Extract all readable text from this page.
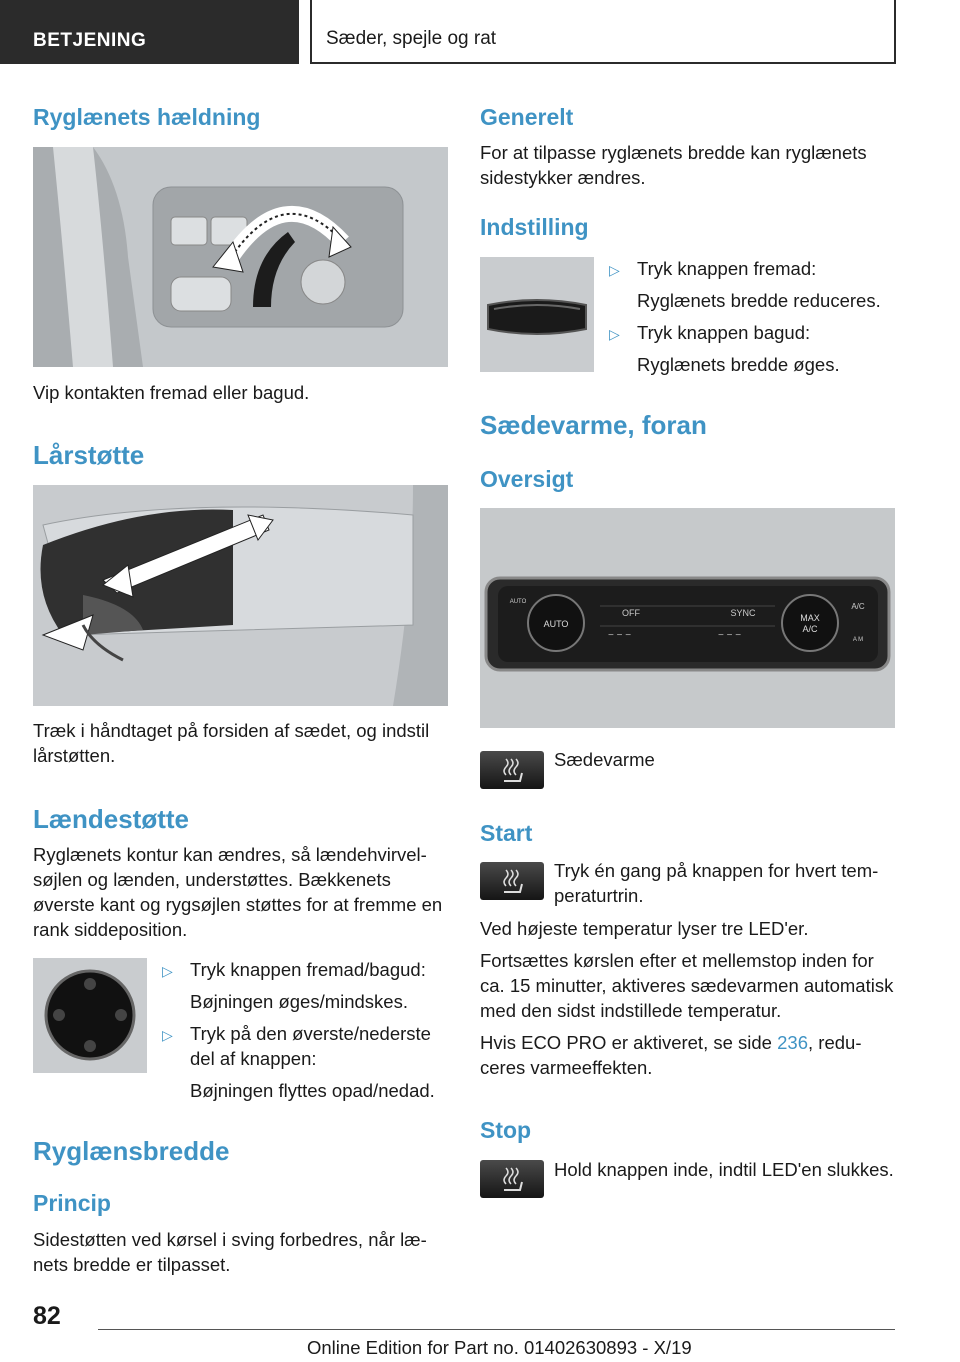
BETJENING	Sæder, spejle og rat
Ryglænets hældning
Vip kontakten fremad eller bagud.
Lårstøtte
Træk i håndtaget på forsiden af sædet, og indstil lårstøtten.
Lændestøtte
Ryglænets kontur kan ændres, så lændehvirvelsøjlen og lænden, understøttes. Bækkenets øverste kant og rygsøjlen støttes for at fremme en rank siddeposition.
▷ Tryk knappen fremad/bagud:
Bøjningen øges/mindskes.
▷ Tryk på den øverste/nederste del af knappen:
Bøjningen flyttes opad/nedad.
Ryglænsbredde
Princip
Sidestøtten ved kørsel i sving forbedres, når lænets bredde er tilpasset.
Generelt
For at tilpasse ryglænets bredde kan ryglænets sidestykker ændres.
Indstilling
▷ Tryk knappen fremad:
Ryglænets bredde reduceres.
▷ Tryk knappen bagud:
Ryglænets bredde øges.
Sædevarme, foran
Oversigt
AUTO
MAX
A/C
OFF	SYNC
A/C
AUTO
A M
− − −	− − −
Sædevarme
Start
Tryk én gang på knappen for hvert temperaturtrin.
Ved højeste temperatur lyser tre LED'er.
Fortsættes kørslen efter et mellemstop inden for ca. 15 minutter, aktiveres sædevarmen automatisk med den sidst indstillede temperatur.
Hvis ECO PRO er aktiveret, se side 236, reduceres varmeeffekten.
Stop
Hold knappen inde, indtil LED'en slukkes.
82
Online Edition for Part no. 01402630893 - X/19
